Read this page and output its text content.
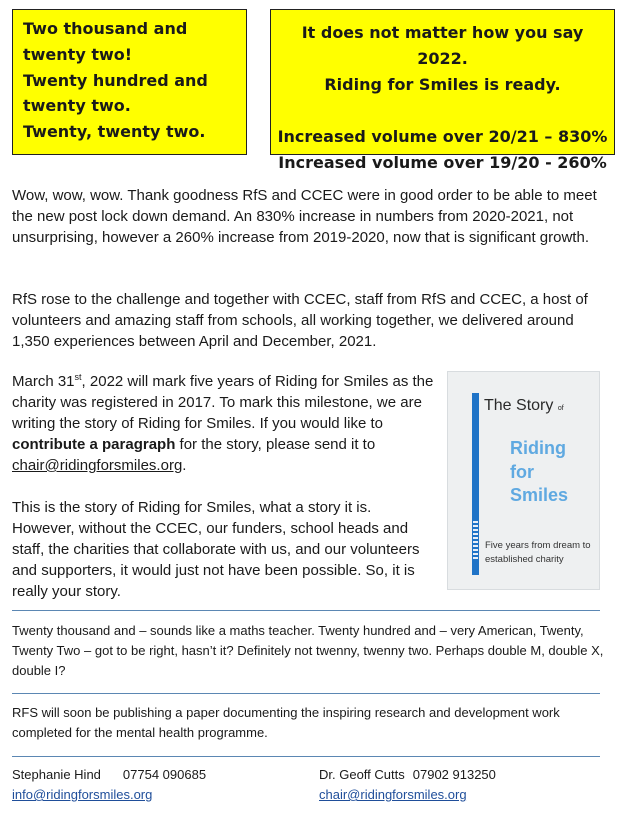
Two thousand and

twenty two!

Twenty hundred and

twenty two.

Twenty, twenty two.

It does not matter how you say 2022.

Riding for Smiles is ready.

Increased volume over 20/21 – 830%

Increased volume over 19/20 - 260%

Wow, wow, wow. Thank goodness RfS and CCEC were in good order to be able to meet the new post lock down demand. An 830% increase in numbers from 2020-2021, not unsurprising, however a 260% increase from 2019-2020, now that is significant growth.

RfS rose to the challenge and together with CCEC, staff from RfS and CCEC, a host of volunteers and amazing staff from schools, all working together, we delivered around 1,350 experiences between April and December, 2021.

March 31st, 2022 will mark five years of Riding for Smiles as the charity was registered in 2017. To mark this milestone, we are writing the story of Riding for Smiles. If you would like to contribute a paragraph for the story, please send it to chair@ridingforsmiles.org.

This is the story of Riding for Smiles, what a story it is. However, without the CCEC, our funders, school heads and staff, the charities that collaborate with us, and our volunteers and supporters, it would just not have been possible. So, it is really your story.

The Story of
Riding
for
Smiles
Five years from dream to established charity

Twenty thousand and – sounds like a maths teacher. Twenty hundred and – very American, Twenty, Twenty Two – got to be right, hasn’t it? Definitely not twenny, twenny two. Perhaps double M, double X, double I?

RFS will soon be publishing a paper documenting the inspiring research and development work completed for the mental health programme.

Stephanie Hind 07754 090685
info@ridingforsmiles.org
Dr. Geoff Cutts 07902 913250
chair@ridingforsmiles.org
